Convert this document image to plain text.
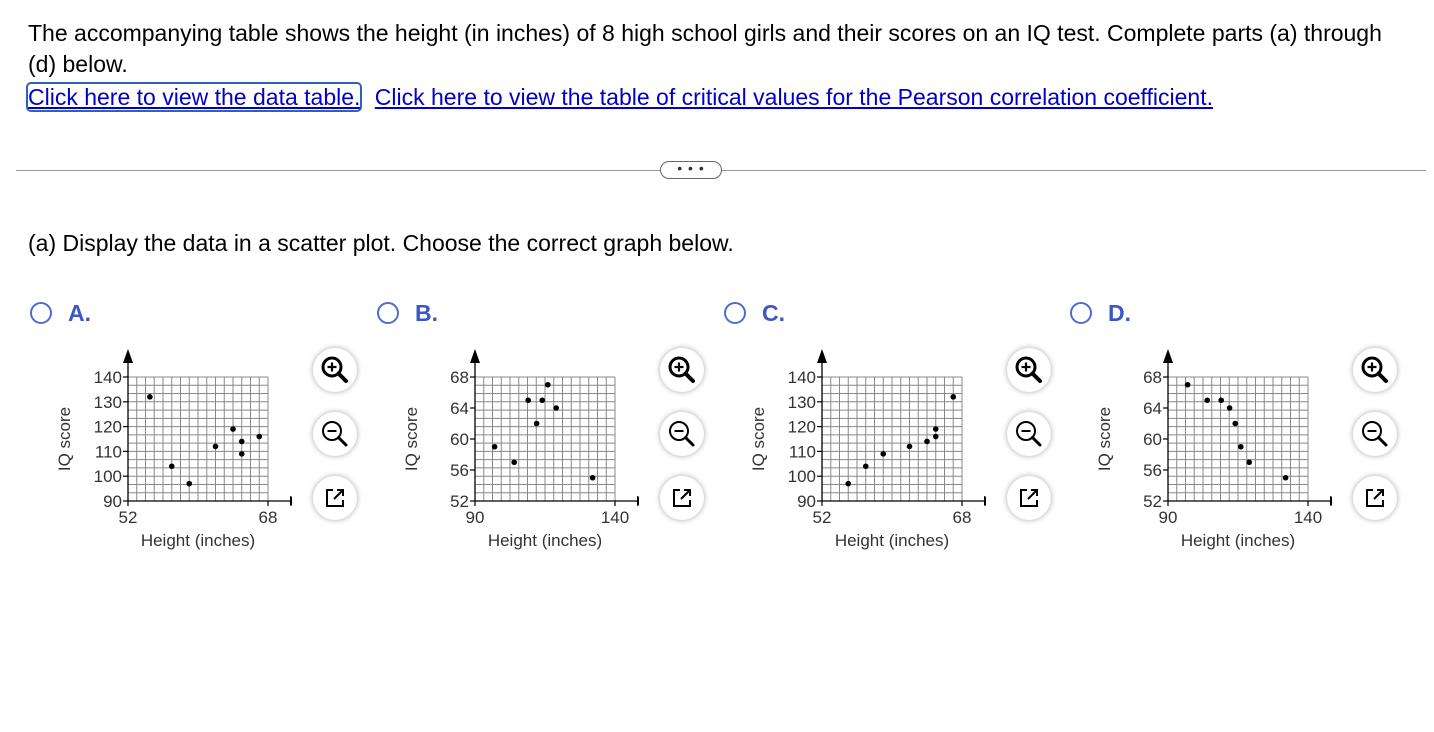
The accompanying table shows the height (in inches) of 8 high school girls and their scores on an IQ test. Complete parts (a) through (d) below.
Click here to view the data table. Click here to view the table of critical values for the Pearson correlation coefficient.
• • •
(a) Display the data in a scatter plot. Choose the correct graph below.
A.
90
100
110
120
130
140
52	68
Height (inches)
IQ score
B.
52
56
60
64
68
90	140
Height (inches)
IQ score
C.
90
100
110
120
130
140
52	68
Height (inches)
IQ score
D.
52
56
60
64
68
90	140
Height (inches)
IQ score
